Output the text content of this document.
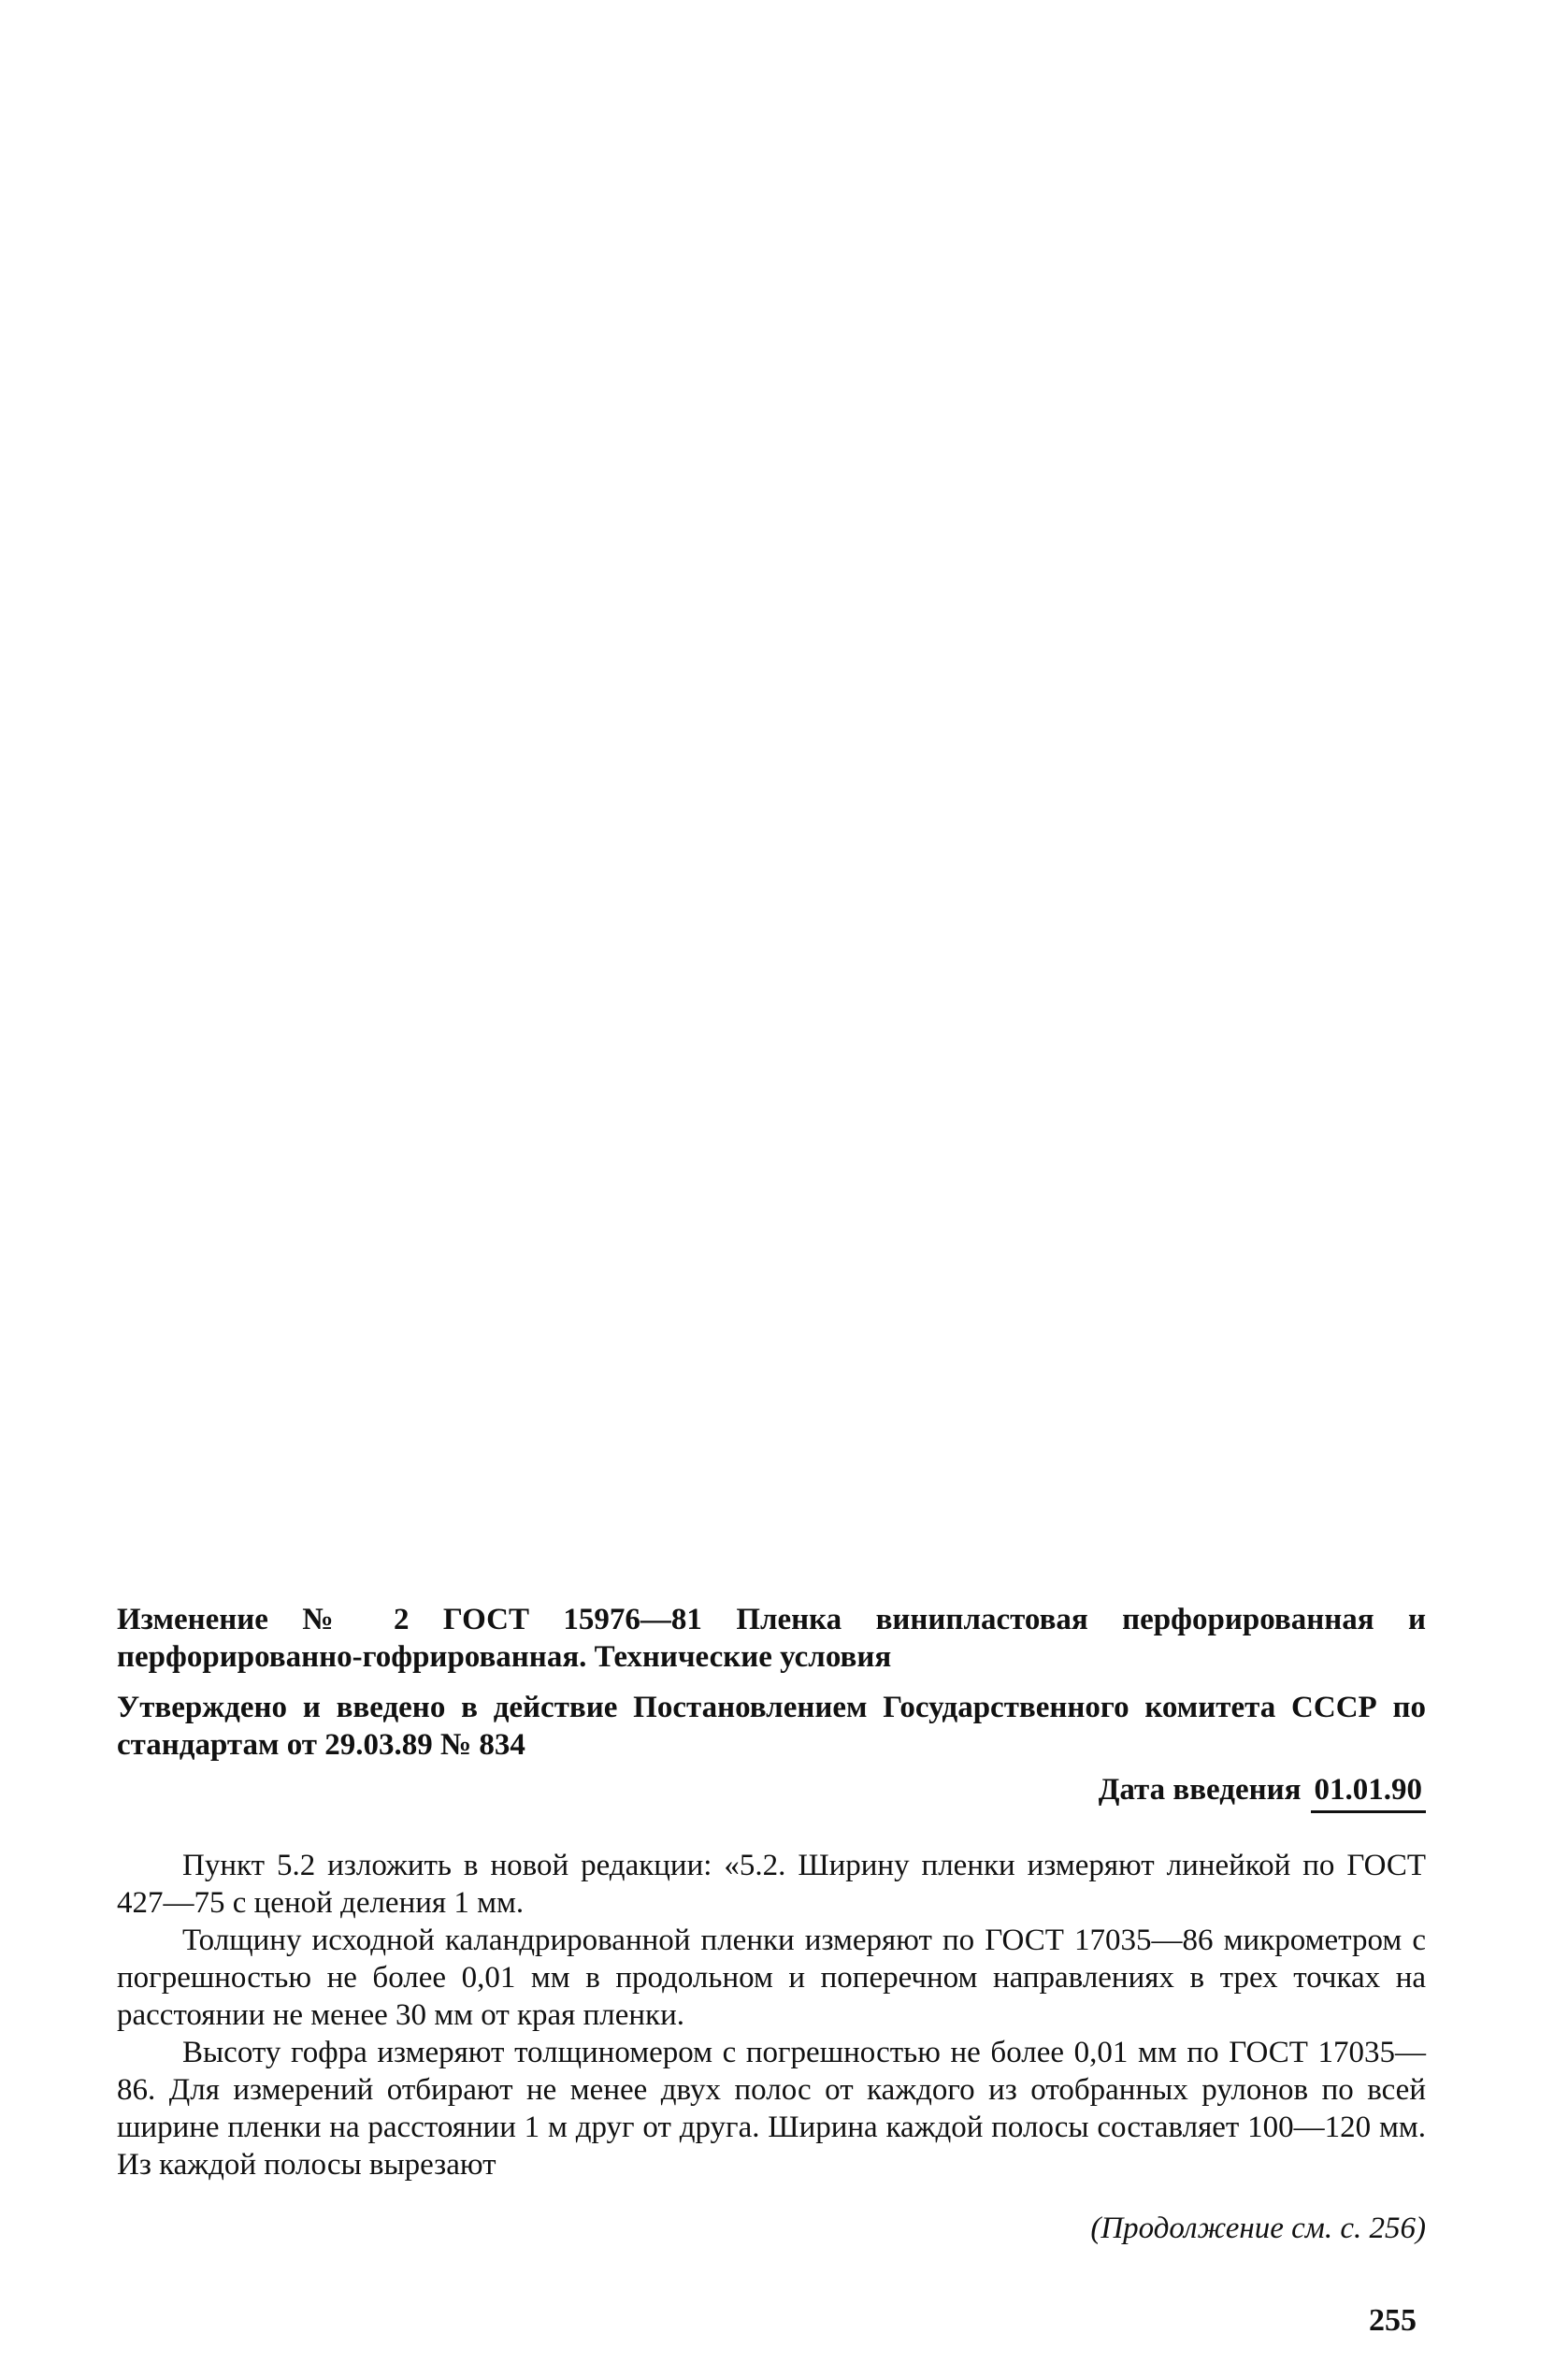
Изменение № 2 ГОСТ 15976—81 Пленка винипластовая перфорированная и перфорированно-гофрированная. Технические условия

Утверждено и введено в действие Постановлением Государственного комитета СССР по стандартам от 29.03.89 № 834

Дата введения 01.01.90

Пункт 5.2 изложить в новой редакции: «5.2. Ширину пленки измеряют линейкой по ГОСТ 427—75 с ценой деления 1 мм.

Толщину исходной каландрированной пленки измеряют по ГОСТ 17035—86 микрометром с погрешностью не более 0,01 мм в продольном и поперечном направлениях в трех точках на расстоянии не менее 30 мм от края пленки.

Высоту гофра измеряют толщиномером с погрешностью не более 0,01 мм по ГОСТ 17035—86. Для измерений отбирают не менее двух полос от каждого из отобранных рулонов по всей ширине пленки на расстоянии 1 м друг от друга. Ширина каждой полосы составляет 100—120 мм. Из каждой полосы вырезают

(Продолжение см. с. 256)

255
